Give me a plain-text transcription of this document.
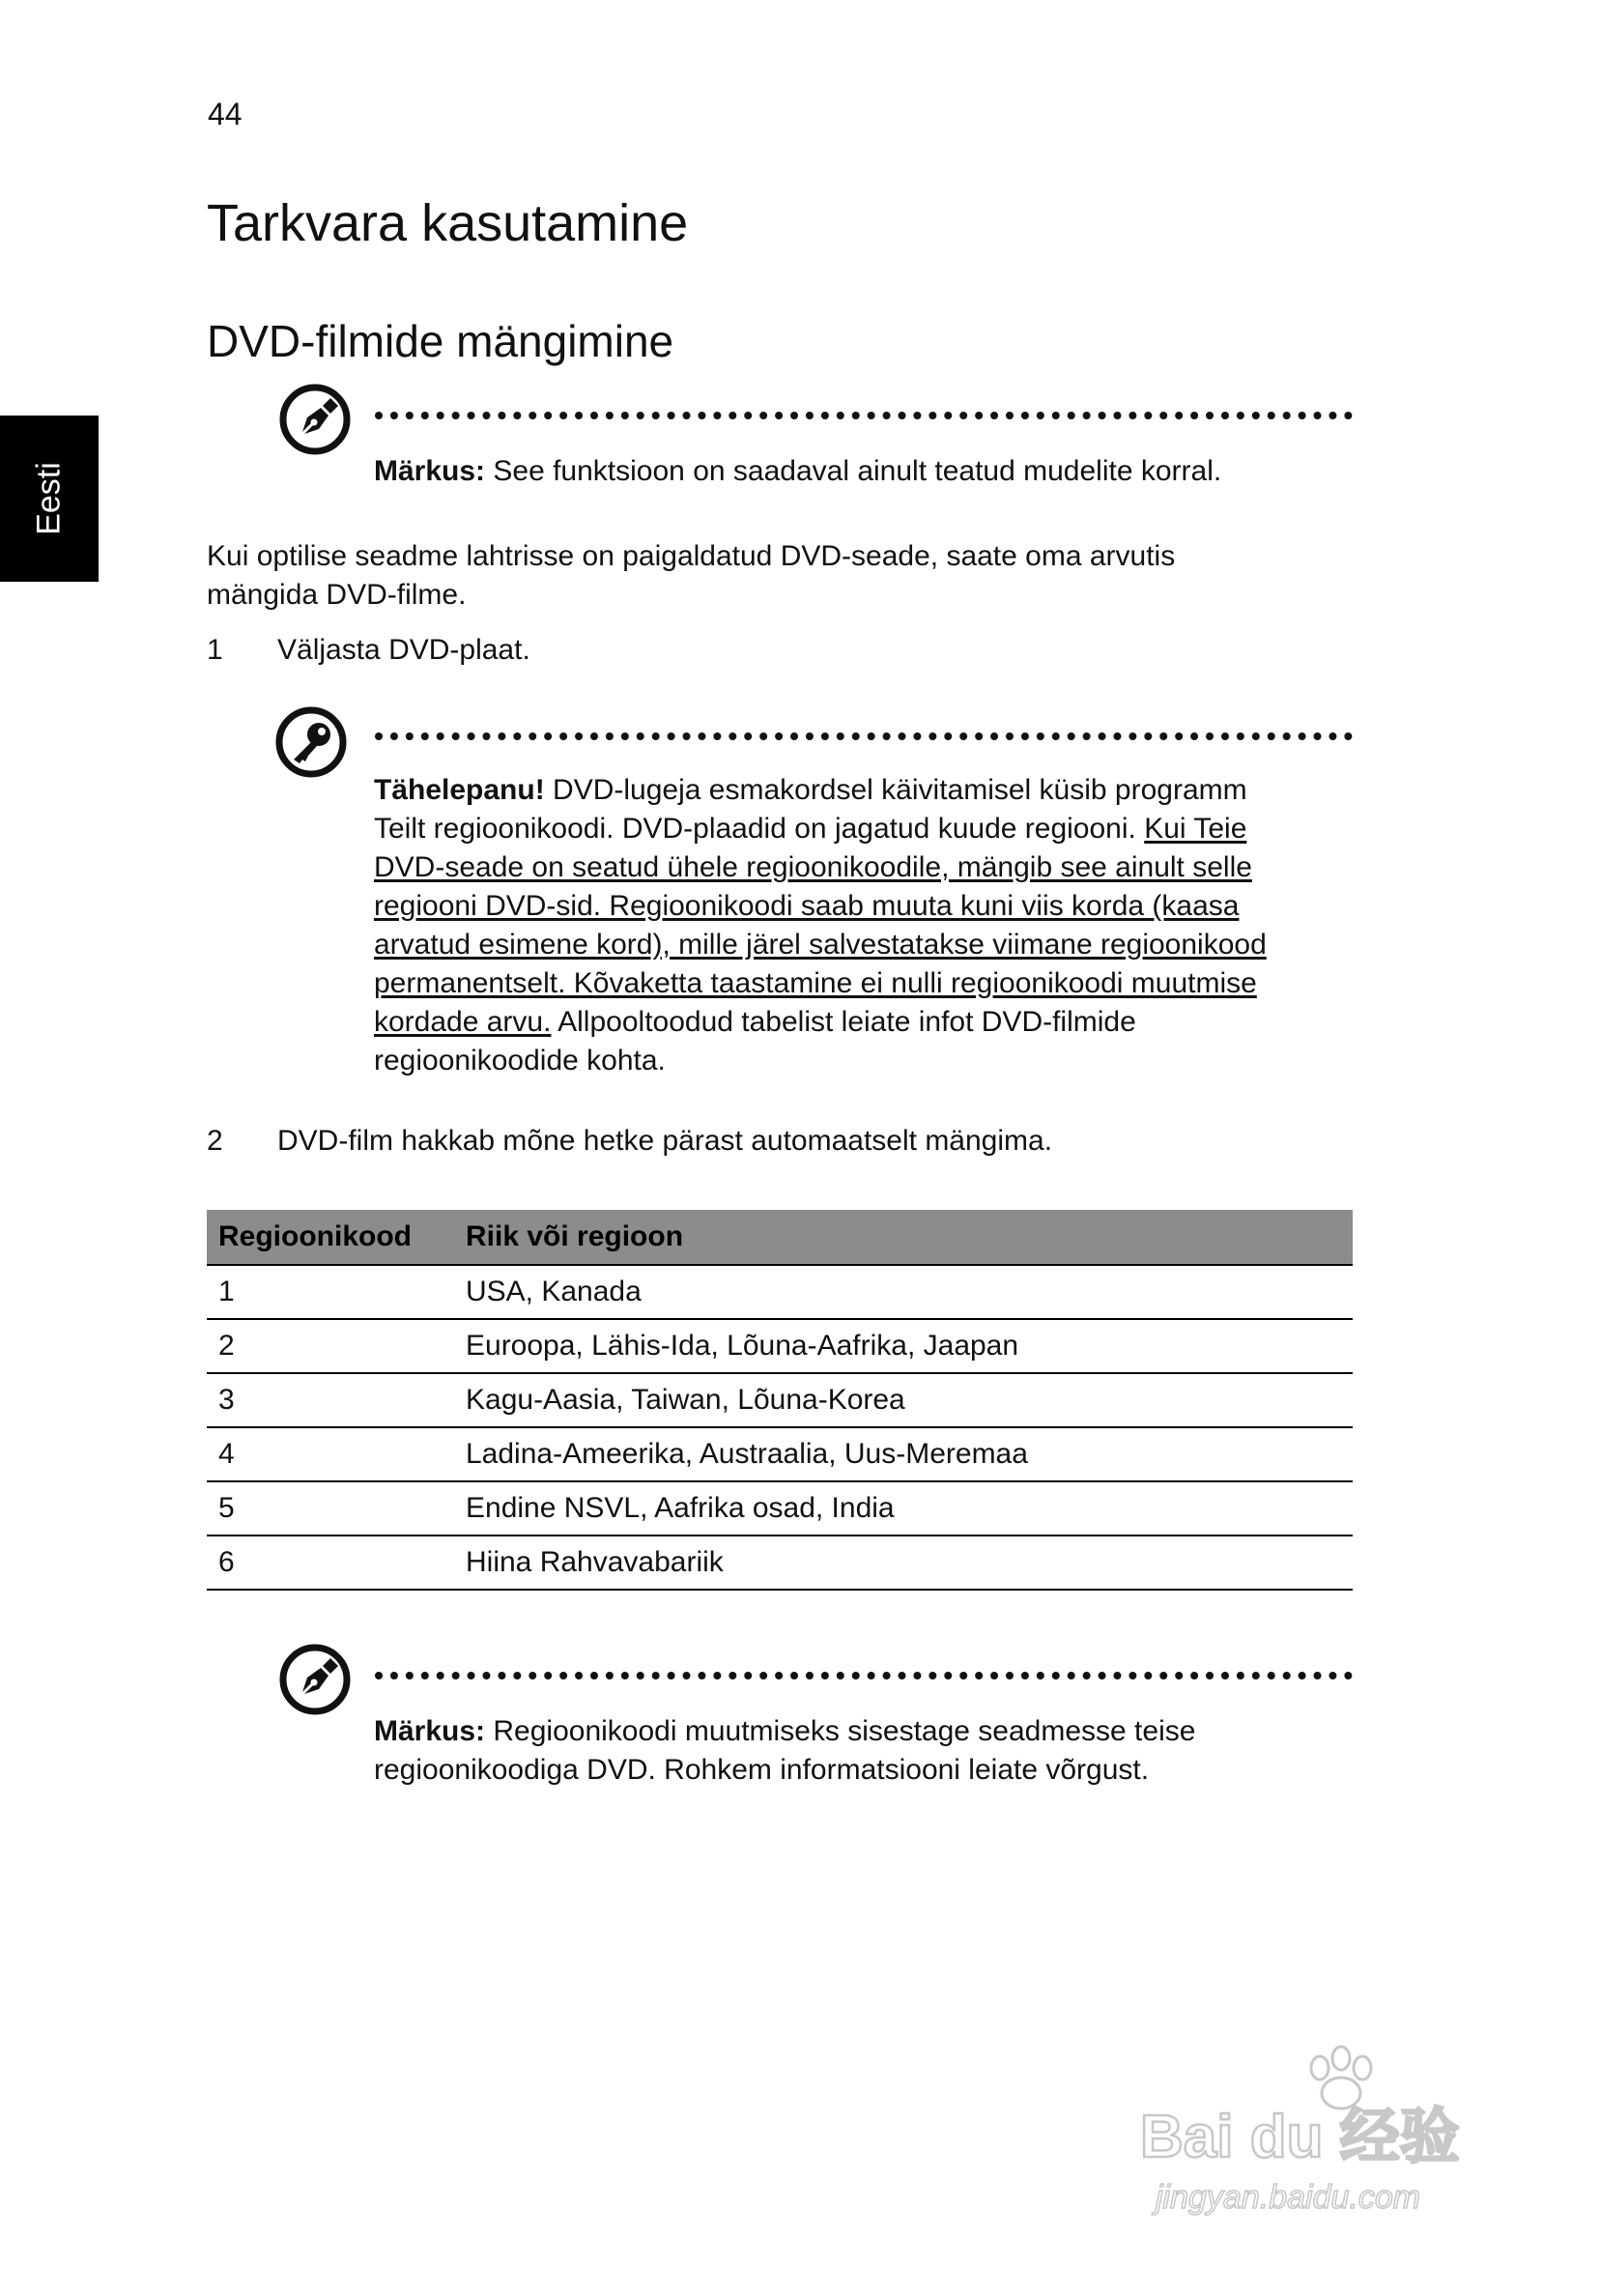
44
Eesti
Tarkvara kasutamine
DVD-filmide mängimine
Märkus: See funktsioon on saadaval ainult teatud mudelite korral.
Kui optilise seadme lahtrisse on paigaldatud DVD-seade, saate oma arvutis
mängida DVD-filme.
1 Väljasta DVD-plaat.
Tähelepanu! DVD-lugeja esmakordsel käivitamisel küsib programm
Teilt regioonikoodi. DVD-plaadid on jagatud kuude regiooni. Kui Teie
DVD-seade on seatud ühele regioonikoodile, mängib see ainult selle
regiooni DVD-sid. Regioonikoodi saab muuta kuni viis korda (kaasa
arvatud esimene kord), mille järel salvestatakse viimane regioonikood
permanentselt. Kõvaketta taastamine ei nulli regioonikoodi muutmise
kordade arvu. Allpooltoodud tabelist leiate infot DVD-filmide
regioonikoodide kohta.
2 DVD-film hakkab mõne hetke pärast automaatselt mängima.
Regioonikood	Riik või regioon
1	USA, Kanada
2	Euroopa, Lähis-Ida, Lõuna-Aafrika, Jaapan
3	Kagu-Aasia, Taiwan, Lõuna-Korea
4	Ladina-Ameerika, Austraalia, Uus-Meremaa
5	Endine NSVL, Aafrika osad, India
6	Hiina Rahvavabariik
Märkus: Regioonikoodi muutmiseks sisestage seadmesse teise
regioonikoodiga DVD. Rohkem informatsiooni leiate võrgust.
Bai du 经验
jingyan.baidu.com
